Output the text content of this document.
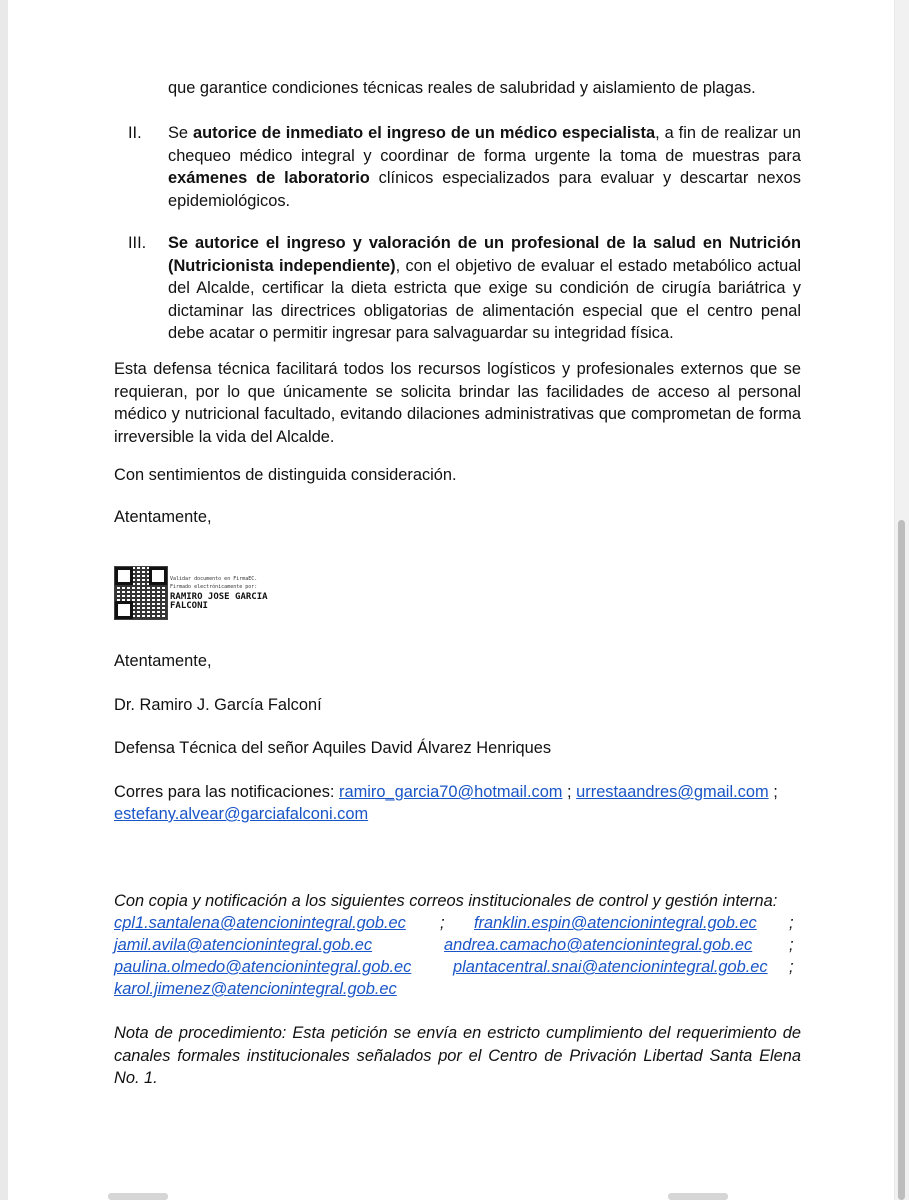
que garantice condiciones técnicas reales de salubridad y aislamiento de plagas.
II.	Se autorice de inmediato el ingreso de un médico especialista, a fin de realizar un chequeo médico integral y coordinar de forma urgente la toma de muestras para exámenes de laboratorio clínicos especializados para evaluar y descartar nexos epidemiológicos.
III.	Se autorice el ingreso y valoración de un profesional de la salud en Nutrición (Nutricionista independiente), con el objetivo de evaluar el estado metabólico actual del Alcalde, certificar la dieta estricta que exige su condición de cirugía bariátrica y dictaminar las directrices obligatorias de alimentación especial que el centro penal debe acatar o permitir ingresar para salvaguardar su integridad física.
Esta defensa técnica facilitará todos los recursos logísticos y profesionales externos que se requieran, por lo que únicamente se solicita brindar las facilidades de acceso al personal médico y nutricional facultado, evitando dilaciones administrativas que comprometan de forma irreversible la vida del Alcalde.
Con sentimientos de distinguida consideración.
Atentamente,
Validar documento en FirmaEC.
Firmado electrónicamente por:
RAMIRO JOSE GARCIA
FALCONI
Atentamente,
Dr. Ramiro J. García Falconí
Defensa Técnica del señor Aquiles David Álvarez Henriques
Corres para las notificaciones: ramiro_garcia70@hotmail.com ; urrestaandres@gmail.com ;
estefany.alvear@garciafalconi.com
Con copia y notificación a los siguientes correos institucionales de control y gestión interna:
cpl1.santalena@atencionintegral.gob.ec ; franklin.espin@atencionintegral.gob.ec ;
jamil.avila@atencionintegral.gob.ec	andrea.camacho@atencionintegral.gob.ec ;
paulina.olmedo@atencionintegral.gob.ec	plantacentral.snai@atencionintegral.gob.ec ;
karol.jimenez@atencionintegral.gob.ec
Nota de procedimiento: Esta petición se envía en estricto cumplimiento del requerimiento de canales formales institucionales señalados por el Centro de Privación Libertad Santa Elena No. 1.
